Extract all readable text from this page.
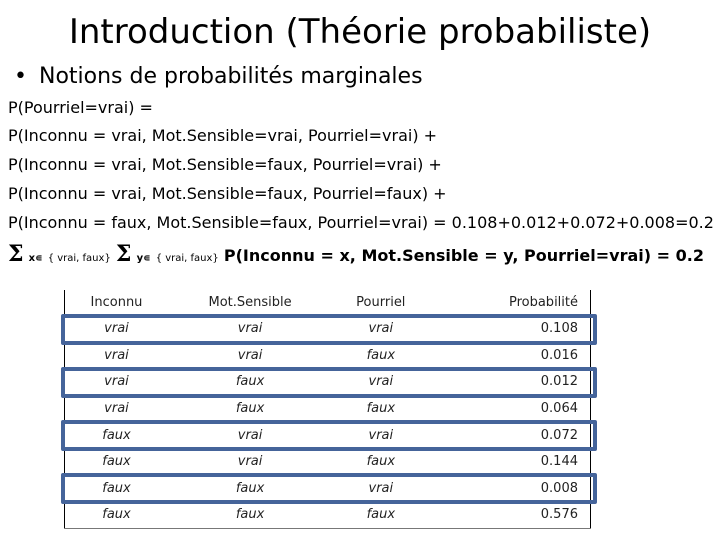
Introduction (Théorie probabiliste)
• Notions de probabilités marginales
P(Pourriel=vrai) =
P(Inconnu = vrai, Mot.Sensible=vrai, Pourriel=vrai) +
P(Inconnu = vrai, Mot.Sensible=faux, Pourriel=vrai) +
P(Inconnu = vrai, Mot.Sensible=faux, Pourriel=faux) +
P(Inconnu = faux, Mot.Sensible=faux, Pourriel=vrai) = 0.108+0.012+0.072+0.008=0.2
Σ x∊ { vrai, faux} Σ y∊ { vrai, faux} P(Inconnu = x, Mot.Sensible = y, Pourriel=vrai) = 0.2
Inconnu	Mot.Sensible	Pourriel	Probabilité
vrai	vrai	vrai	0.108
vrai	vrai	faux	0.016
vrai	faux	vrai	0.012
vrai	faux	faux	0.064
faux	vrai	vrai	0.072
faux	vrai	faux	0.144
faux	faux	vrai	0.008
faux	faux	faux	0.576
